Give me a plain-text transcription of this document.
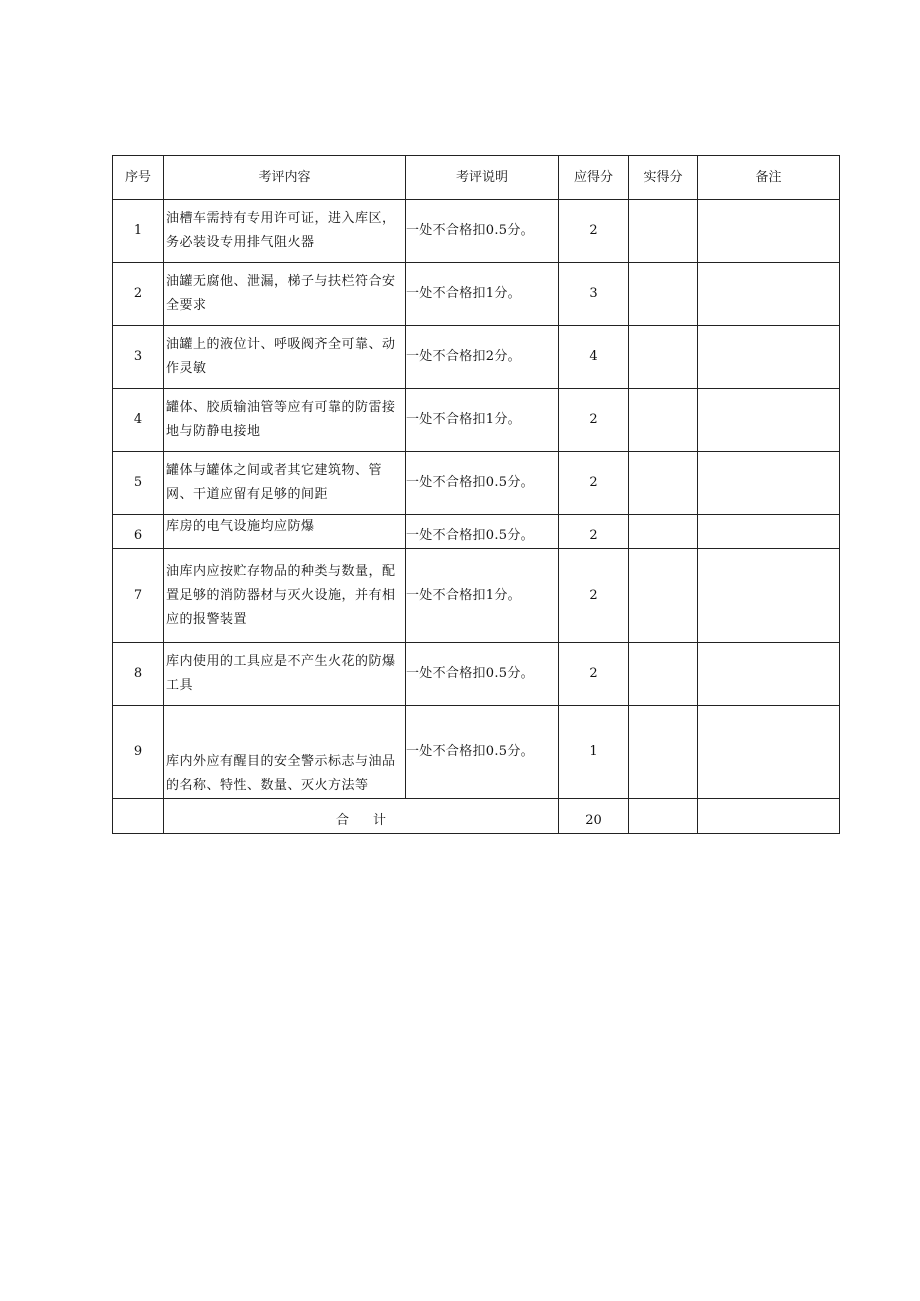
序号	考评内容	考评说明	应得分	实得分	备注
1	油槽车需持有专用许可证，进入库区，务必装设专用排气阻火器	一处不合格扣0.5分。	2		
2	油罐无腐他、泄漏，梯子与扶栏符合安全要求	一处不合格扣1分。	3		
3	油罐上的液位计、呼吸阀齐全可靠、动作灵敏	一处不合格扣2分。	4		
4	罐体、胶质输油管等应有可靠的防雷接地与防静电接地	一处不合格扣1分。	2		
5	罐体与罐体之间或者其它建筑物、管网、干道应留有足够的间距	一处不合格扣0.5分。	2		
6	库房的电气设施均应防爆	一处不合格扣0.5分。	2		
7	油库内应按贮存物品的种类与数量，配置足够的消防器材与灭火设施，并有相应的报警装置	一处不合格扣1分。	2		
8	库内使用的工具应是不产生火花的防爆工具	一处不合格扣0.5分。	2		
9	库内外应有醒目的安全警示标志与油品的名称、特性、数量、灭火方法等	一处不合格扣0.5分。	1		
	合计		20		
